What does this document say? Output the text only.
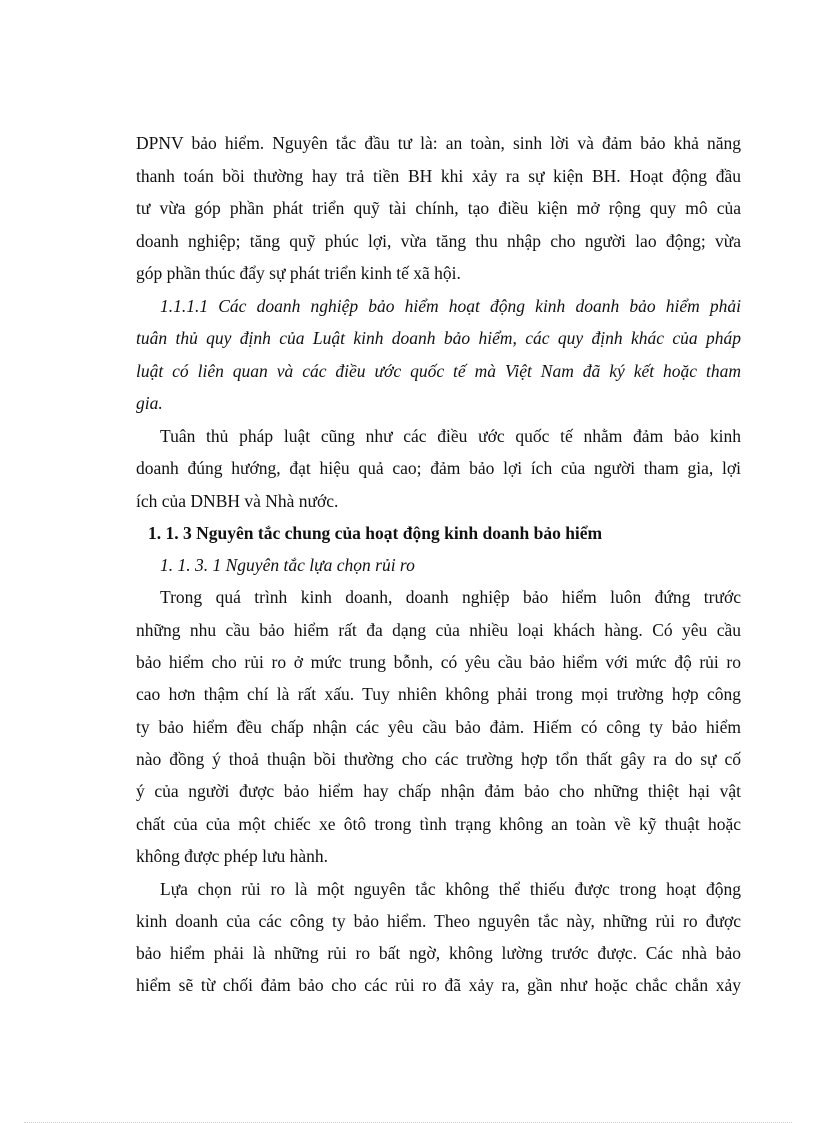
DPNV bảo hiểm. Nguyên tắc đầu tư là: an toàn, sinh lời và đảm bảo khả năng

thanh toán bồi thường hay trả tiền BH khi xảy ra sự kiện BH. Hoạt động đầu

tư vừa góp phần phát triển quỹ tài chính, tạo điều kiện mở rộng quy mô của

doanh nghiệp; tăng quỹ phúc lợi, vừa tăng thu nhập cho người lao động; vừa

góp phần thúc đẩy sự phát triển kinh tế xã hội.

1.1.1.1 Các doanh nghiệp bảo hiểm hoạt động kinh doanh bảo hiểm phải

tuân thủ quy định của Luật kinh doanh bảo hiểm, các quy định khác của pháp

luật có liên quan và các điều ước quốc tế mà Việt Nam đã ký kết hoặc tham

gia.

Tuân thủ pháp luật cũng như các điều ước quốc tế nhằm đảm bảo kinh

doanh đúng hướng, đạt hiệu quả cao; đảm bảo lợi ích của người tham gia, lợi

ích của DNBH và Nhà nước.

1. 1. 3 Nguyên tắc chung của hoạt động kinh doanh bảo hiểm

1. 1. 3. 1 Nguyên tắc lựa chọn rủi ro

Trong quá trình kinh doanh, doanh nghiệp bảo hiểm luôn đứng trước

những nhu cầu bảo hiểm rất đa dạng của nhiều loại khách hàng. Có yêu cầu

bảo hiểm cho rủi ro ở mức trung bỗnh, có yêu cầu bảo hiểm với mức độ rủi ro

cao hơn thậm chí là rất xấu. Tuy nhiên không phải trong mọi trường hợp công

ty bảo hiểm đều chấp nhận các yêu cầu bảo đảm. Hiếm có công ty bảo hiểm

nào đồng ý thoả thuận bồi thường cho các trường hợp tổn thất gây ra do sự cố

ý của người được bảo hiểm hay chấp nhận đảm bảo cho những thiệt hại vật

chất của của một chiếc xe ôtô trong tình trạng không an toàn về kỹ thuật hoặc

không được phép lưu hành.

Lựa chọn rủi ro là một nguyên tắc không thể thiếu được trong hoạt động

kinh doanh của các công ty bảo hiểm. Theo nguyên tắc này, những rủi ro được

bảo hiểm phải là những rủi ro bất ngờ, không lường trước được. Các nhà bảo

hiểm sẽ từ chối đảm bảo cho các rủi ro đã xảy ra, gần như hoặc chắc chắn xảy
